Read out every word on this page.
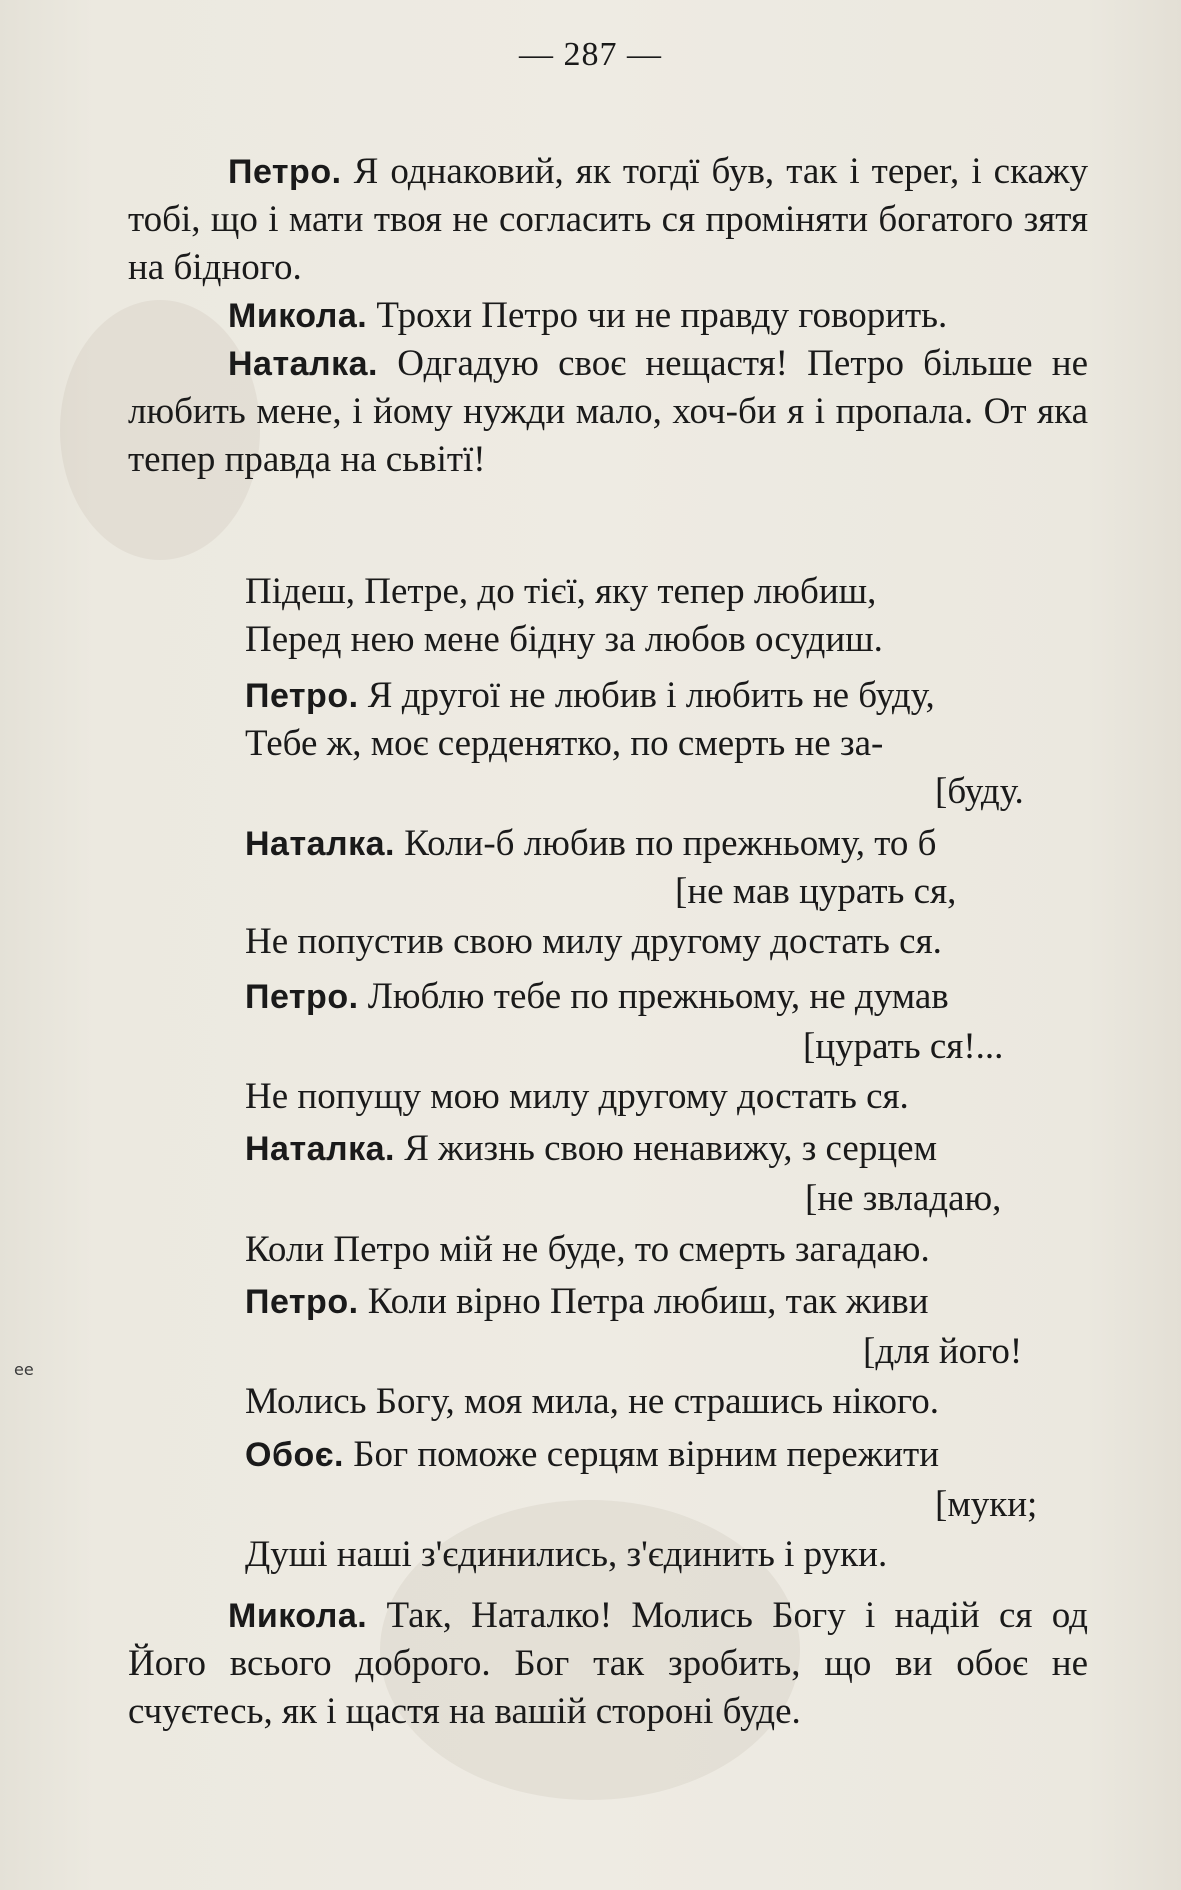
— 287 —
ее

Петро. Я однаковий, як тогдї був, так і теper, і скажу тобі, що і мати твоя не согласить ся проміняти богатого зятя на бідного.

Микола. Трохи Петро чи не правду говорить.

Наталка. Одгадую своє нещастя! Петро більше не любить мене, і йому нужди мало, хоч-би я і пропала. От яка тепер правда на сьвітї!

Підеш, Петре, до тієї, яку тепер любиш,
Перед нею мене бідну за любов осудиш.
Петро. Я другої не любив і любить не буду,
Тебе ж, моє серденятко, по смерть не за-
[буду.
Наталка. Коли-б любив по прежньому, то б
[не мав цурать ся,
Не попустив свою милу другому достать ся.
Петро. Люблю тебе по прежньому, не думав
[цурать ся!...
Не попущу мою милу другому достать ся.
Наталка. Я жизнь свою ненавижу, з серцем
[не звладаю,
Коли Петро мій не буде, то смерть загадаю.
Петро. Коли вірно Петра любиш, так живи
[для його!
Молись Богу, моя мила, не страшись нікого.
Обоє. Бог поможе серцям вірним пережити
[муки;
Душі наші з'єдинились, з'єдинить і руки.

Микола. Так, Наталко! Молись Богу і надій ся од Його всього доброго. Бог так зробить, що ви обоє не счуєтесь, як і щастя на вашій стороні буде.
